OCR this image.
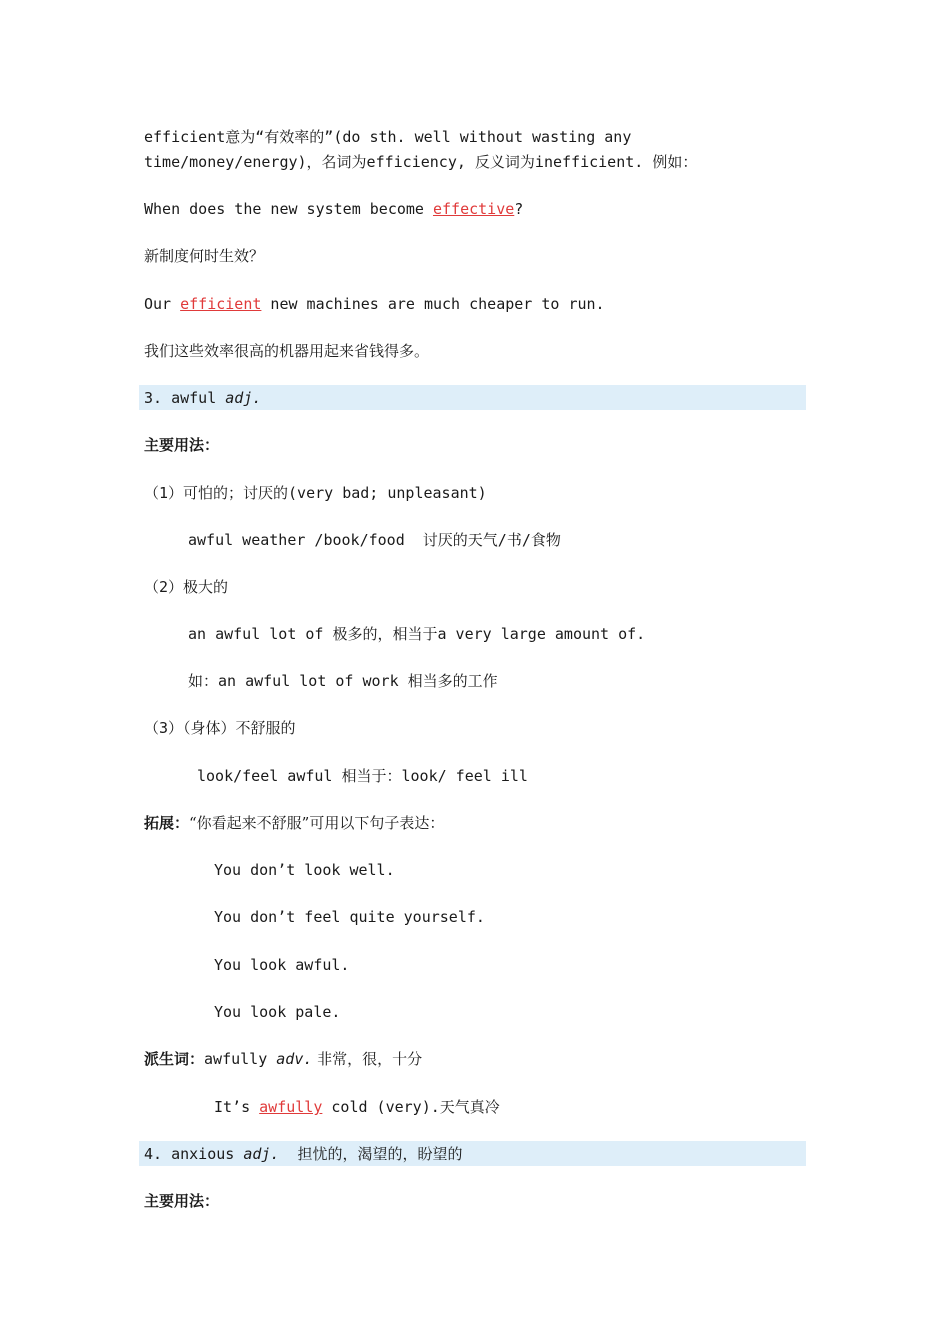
efficient意为“有效率的”(do sth. well without wasting any
time/money/energy)，名词为efficiency, 反义词为inefficient. 例如：
When does the new system become effective?
新制度何时生效？
Our efficient new machines are much cheaper to run.
我们这些效率很高的机器用起来省钱得多。
3. awful adj.
主要用法：
（1）可怕的；讨厌的(very bad; unpleasant)
awful weather /book/food  讨厌的天气/书/食物
（2）极大的
an awful lot of 极多的，相当于a very large amount of.
如：an awful lot of work 相当多的工作
（3）（身体）不舒服的
look/feel awful 相当于：look/ feel ill
拓展：“你看起来不舒服”可用以下句子表达：
You don’t look well.
You don’t feel quite yourself.
You look awful.
You look pale.
派生词：awfully adv. 非常，很，十分
It’s awfully cold (very).天气真冷
4. anxious adj.  担忧的，渴望的，盼望的
主要用法：
